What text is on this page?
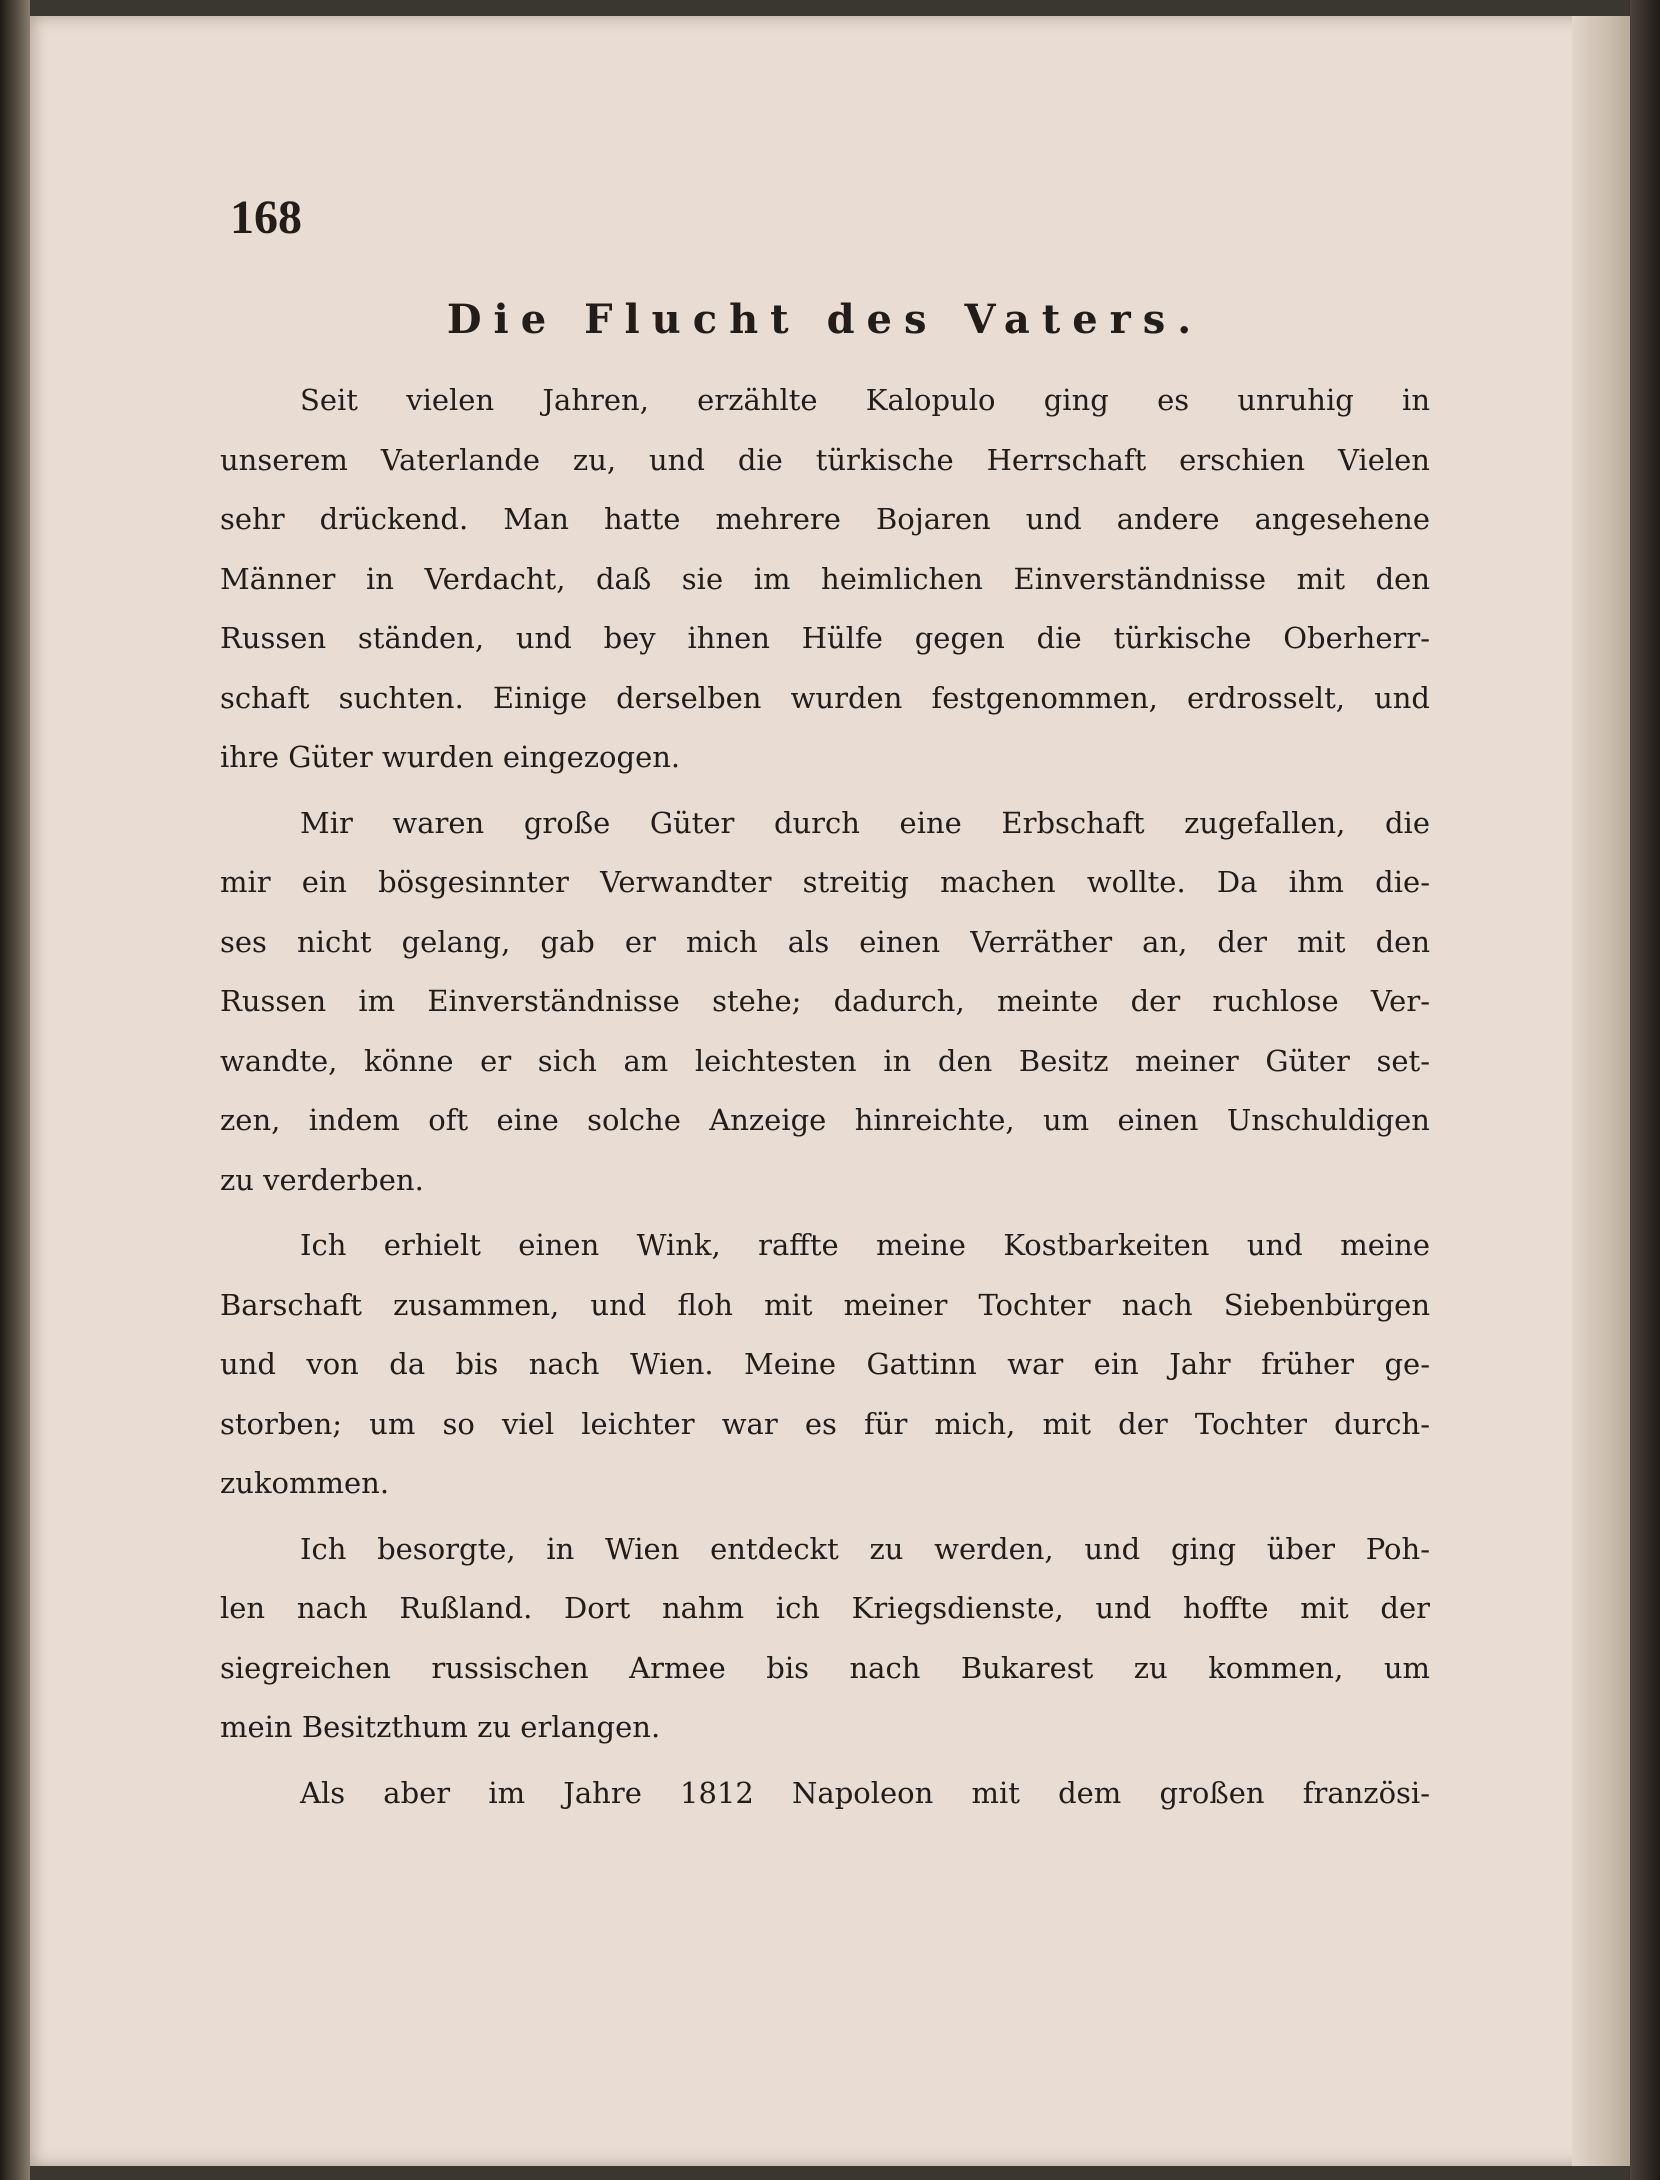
168
Die Flucht des Vaters.
Seit vielen Jahren, erzählte Kalopulo ging es unruhig in
unserem Vaterlande zu, und die türkische Herrschaft erschien Vielen
sehr drückend. Man hatte mehrere Bojaren und andere angesehene
Männer in Verdacht, daß sie im heimlichen Einverständnisse mit den
Russen ständen, und bey ihnen Hülfe gegen die türkische Oberherr-
schaft suchten. Einige derselben wurden festgenommen, erdrosselt, und
ihre Güter wurden eingezogen.
Mir waren große Güter durch eine Erbschaft zugefallen, die
mir ein bösgesinnter Verwandter streitig machen wollte. Da ihm die-
ses nicht gelang, gab er mich als einen Verräther an, der mit den
Russen im Einverständnisse stehe; dadurch, meinte der ruchlose Ver-
wandte, könne er sich am leichtesten in den Besitz meiner Güter set-
zen, indem oft eine solche Anzeige hinreichte, um einen Unschuldigen
zu verderben.
Ich erhielt einen Wink, raffte meine Kostbarkeiten und meine
Barschaft zusammen, und floh mit meiner Tochter nach Siebenbürgen
und von da bis nach Wien. Meine Gattinn war ein Jahr früher ge-
storben; um so viel leichter war es für mich, mit der Tochter durch-
zukommen.
Ich besorgte, in Wien entdeckt zu werden, und ging über Poh-
len nach Rußland. Dort nahm ich Kriegsdienste, und hoffte mit der
siegreichen russischen Armee bis nach Bukarest zu kommen, um
mein Besitzthum zu erlangen.
Als aber im Jahre 1812 Napoleon mit dem großen französi-
